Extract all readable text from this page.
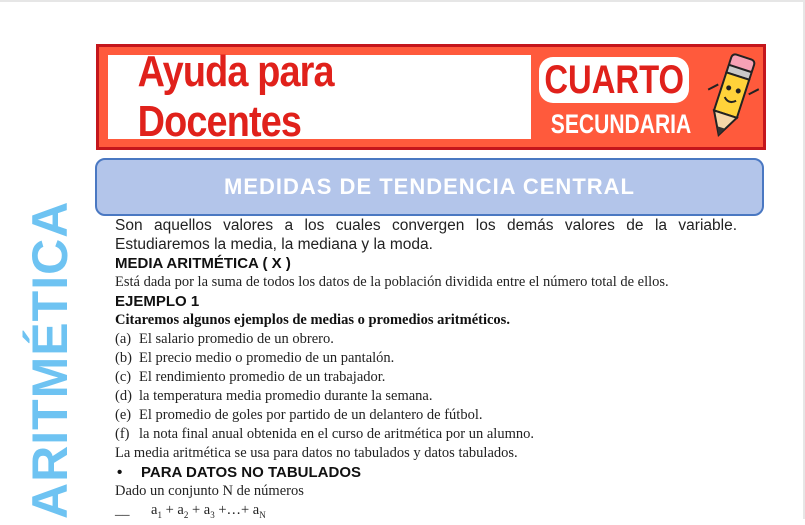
Ayuda para Docentes
CUARTO
SECUNDARIA
MEDIDAS DE TENDENCIA CENTRAL
ARITMÉTICA Son aquellos valores a los cuales convergen los demás valores de la variable. Estudiaremos la media, la mediana y la moda.

MEDIA ARITMÉTICA ( X )

Está dada por la suma de todos los datos de la población dividida entre el número total de ellos.

EJEMPLO 1

Citaremos algunos ejemplos de medias o promedios aritméticos.

(a) El salario promedio de un obrero.
(b) El precio medio o promedio de un pantalón.
(c) El rendimiento promedio de un trabajador.
(d) la temperatura media promedio durante la semana.
(e) El promedio de goles por partido de un delantero de fútbol.
(f) la nota final anual obtenida en el curso de aritmética por un alumno.

La media aritmética se usa para datos no tabulados y datos tabulados.

•	PARA DATOS NO TABULADOS

Dado un conjunto N de números

__	$a_1 + a_2 + a_3$ +…+ $a_N$
